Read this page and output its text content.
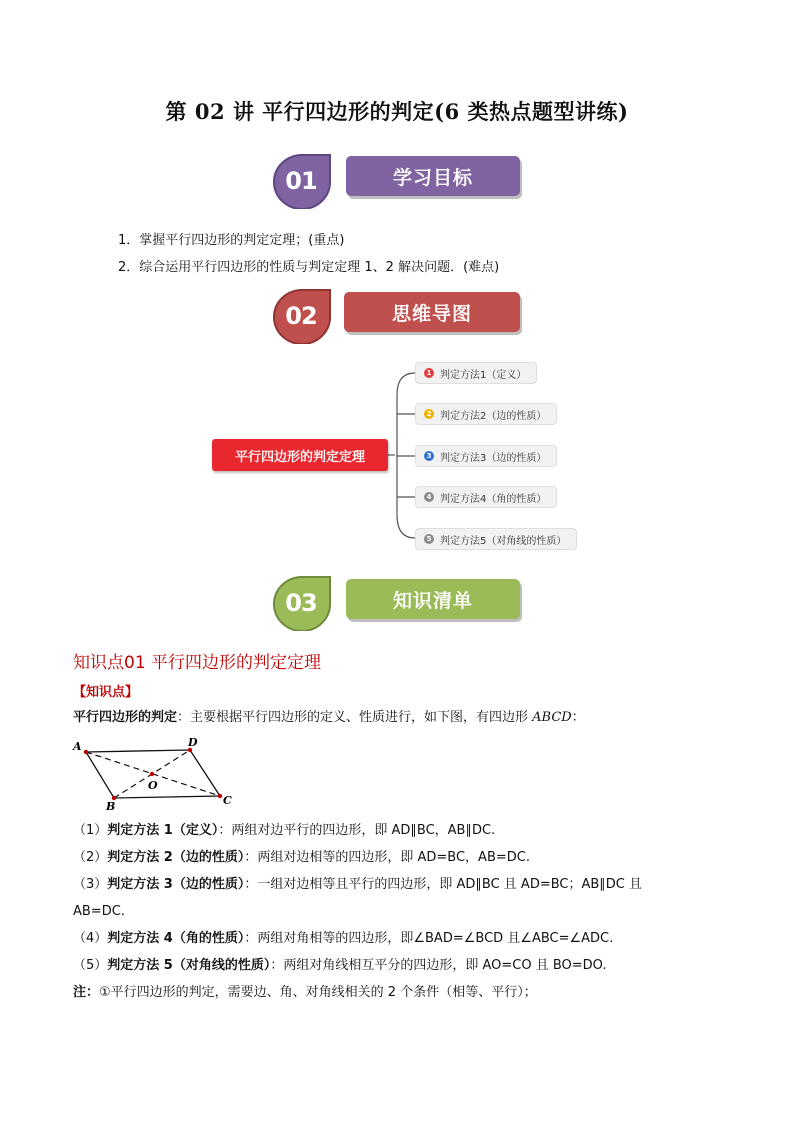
第 02 讲 平行四边形的判定(6 类热点题型讲练)
01	学习目标
1．掌握平行四边形的判定定理；(重点)
2．综合运用平行四边形的性质与判定定理 1、2 解决问题．(难点)
02	思维导图
平行四边形的判定定理
1 判定方法1（定义）
2 判定方法2（边的性质）
3 判定方法3（边的性质）
4 判定方法4（角的性质）
5 判定方法5（对角线的性质）
03	知识清单
知识点01 平行四边形的判定定理
【知识点】
平行四边形的判定：主要根据平行四边形的定义、性质进行，如下图，有四边形 ABCD：
A	D
C
B
O
（1）判定方法 1（定义）：两组对边平行的四边形，即 AD∥BC，AB∥DC.
（2）判定方法 2（边的性质）：两组对边相等的四边形，即 AD=BC，AB=DC.
（3）判定方法 3（边的性质）：一组对边相等且平行的四边形，即 AD∥BC 且 AD=BC；AB∥DC 且
AB=DC.
（4）判定方法 4（角的性质）：两组对角相等的四边形，即∠BAD=∠BCD 且∠ABC=∠ADC.
（5）判定方法 5（对角线的性质）：两组对角线相互平分的四边形，即 AO=CO 且 BO=DO.
注：①平行四边形的判定，需要边、角、对角线相关的 2 个条件（相等、平行）；
